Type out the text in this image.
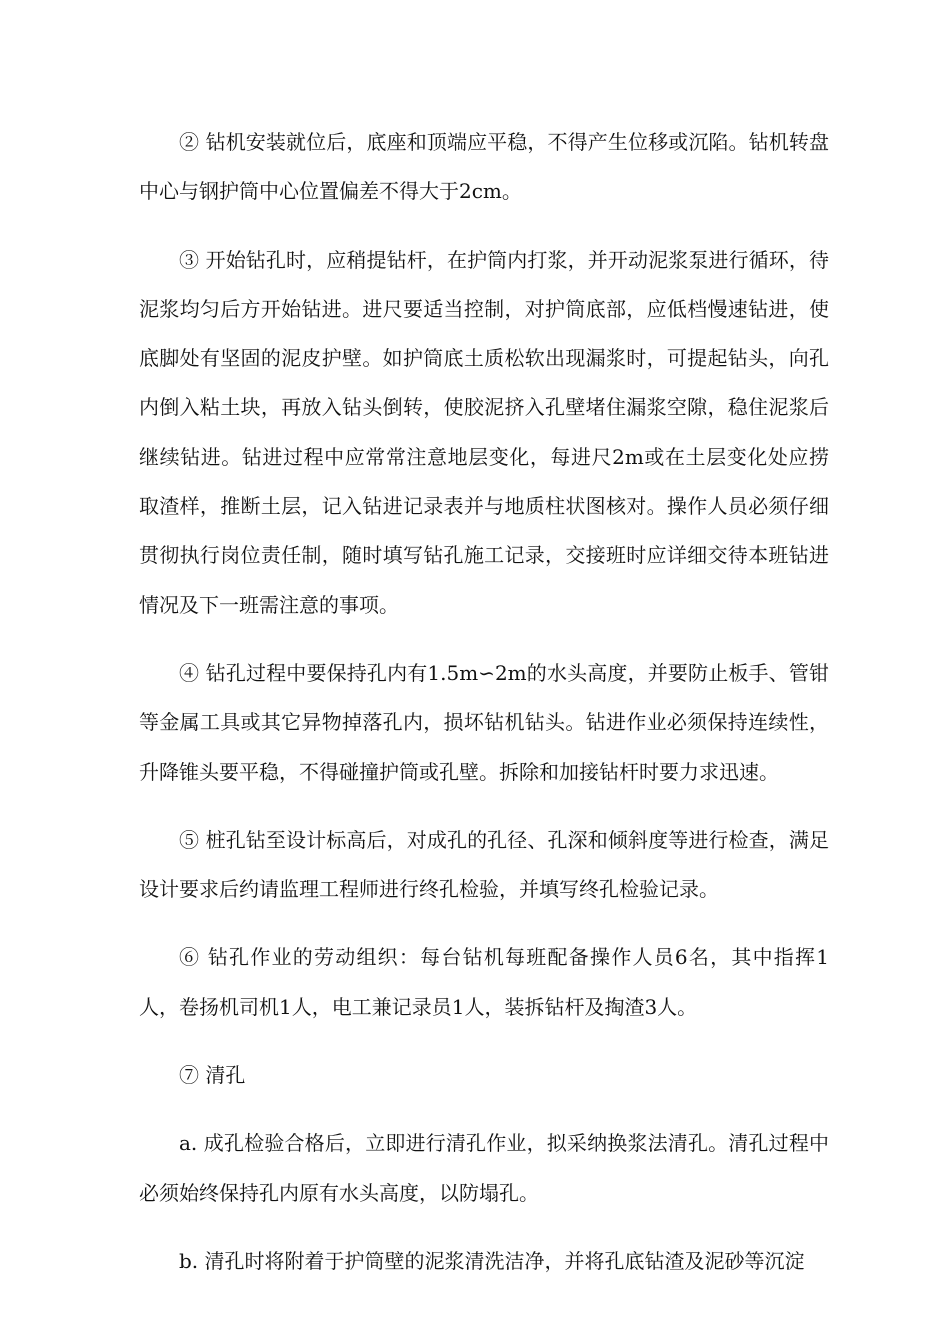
② 钻机安装就位后，底座和顶端应平稳，不得产生位移或沉陷。钻机转盘中心与钢护筒中心位置偏差不得大于2cm。

③ 开始钻孔时，应稍提钻杆，在护筒内打浆，并开动泥浆泵进行循环，待泥浆均匀后方开始钻进。进尺要适当控制，对护筒底部，应低档慢速钻进，使底脚处有坚固的泥皮护壁。如护筒底土质松软出现漏浆时，可提起钻头，向孔内倒入粘土块，再放入钻头倒转，使胶泥挤入孔壁堵住漏浆空隙，稳住泥浆后继续钻进。钻进过程中应常常注意地层变化，每进尺2m或在土层变化处应捞取渣样，推断土层，记入钻进记录表并与地质柱状图核对。操作人员必须仔细贯彻执行岗位责任制，随时填写钻孔施工记录，交接班时应详细交待本班钻进情况及下一班需注意的事项。

④ 钻孔过程中要保持孔内有1.5m∽2m的水头高度，并要防止板手、管钳等金属工具或其它异物掉落孔内，损坏钻机钻头。钻进作业必须保持连续性，升降锥头要平稳，不得碰撞护筒或孔壁。拆除和加接钻杆时要力求迅速。

⑤ 桩孔钻至设计标高后，对成孔的孔径、孔深和倾斜度等进行检查，满足设计要求后约请监理工程师进行终孔检验，并填写终孔检验记录。

⑥ 钻孔作业的劳动组织：每台钻机每班配备操作人员6名，其中指挥1人，卷扬机司机1人，电工兼记录员1人，装拆钻杆及掏渣3人。

⑦ 清孔

a. 成孔检验合格后，立即进行清孔作业，拟采纳换浆法清孔。清孔过程中必须始终保持孔内原有水头高度，以防塌孔。

b. 清孔时将附着于护筒壁的泥浆清洗洁净，并将孔底钻渣及泥砂等沉淀
